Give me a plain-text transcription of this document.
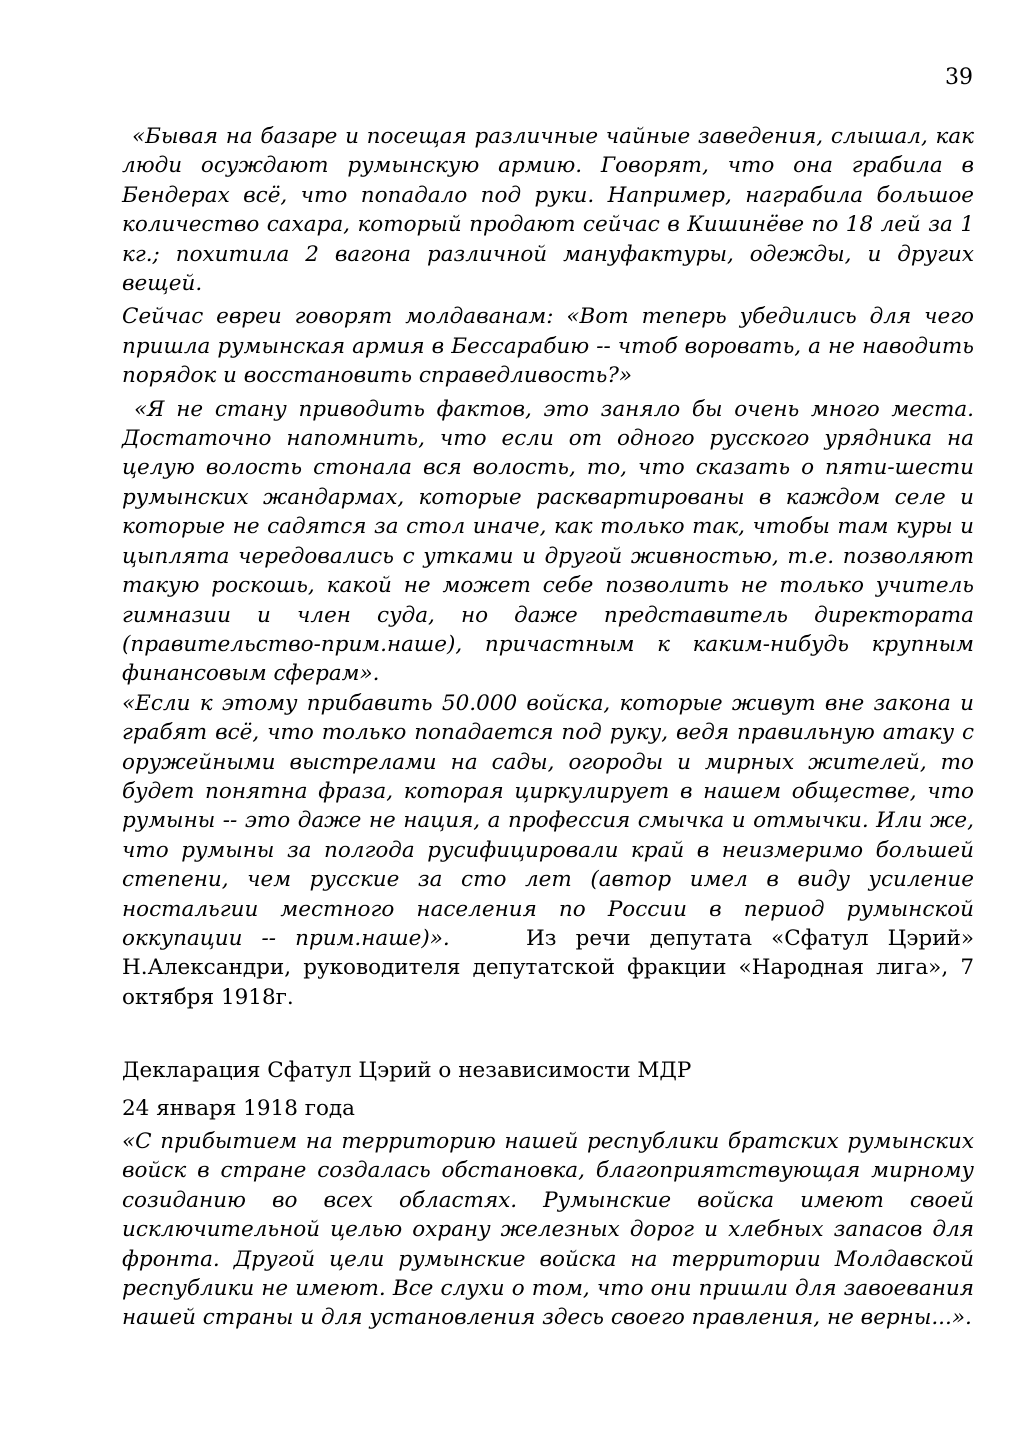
39

«Бывая на базаре и посещая различные чайные заведения, слышал, как люди осуждают румынскую армию. Говорят, что она грабила в Бендерах всё, что попадало под руки. Например, награбила большое количество сахара, который продают сейчас в Кишинёве по 18 лей за 1 кг.; похитила 2 вагона различной мануфактуры, одежды, и других вещей.

Сейчас евреи говорят молдаванам: «Вот теперь убедились для чего пришла румынская армия в Бессарабию -- чтоб воровать, а не наводить порядок и восстановить справедливость?»

«Я не стану приводить фактов, это заняло бы очень много места. Достаточно напомнить, что если от одного русского урядника на целую волость стонала вся волость, то, что сказать о пяти-шести румынских жандармах, которые расквартированы в каждом селе и которые не садятся за стол иначе, как только так, чтобы там куры и цыплята чередовались с утками и другой живностью, т.е. позволяют такую роскошь, какой не может себе позволить не только учитель гимназии и член суда, но даже представитель директората (правительство-прим.наше), причастным к каким-нибудь крупным финансовым сферам».

«Если к этому прибавить 50.000 войска, которые живут вне закона и грабят всё, что только попадается под руку, ведя правильную атаку с оружейными выстрелами на сады, огороды и мирных жителей, то будет понятна фраза, которая циркулирует в нашем обществе, что румыны -- это даже не нация, а профессия смычка и отмычки. Или же, что румыны за полгода русифицировали край в неизмеримо большей степени, чем русские за сто лет (автор имел в виду усиление ностальгии местного населения по России в период румынской оккупации -- прим.наше)».	Из речи депутата «Сфатул Цэрий» Н.Александри, руководителя депутатской фракции «Народная лига», 7 октября 1918г.

Декларация Сфатул Цэрий о независимости МДР

24 января 1918 года

«С прибытием на территорию нашей республики братских румынских войск в стране создалась обстановка, благоприятствующая мирному созиданию во всех областях. Румынские войска имеют своей исключительной целью охрану железных дорог и хлебных запасов для фронта. Другой цели румынские войска на территории Молдавской республики не имеют. Все слухи о том, что они пришли для завоевания нашей страны и для установления здесь своего правления, не верны...».
